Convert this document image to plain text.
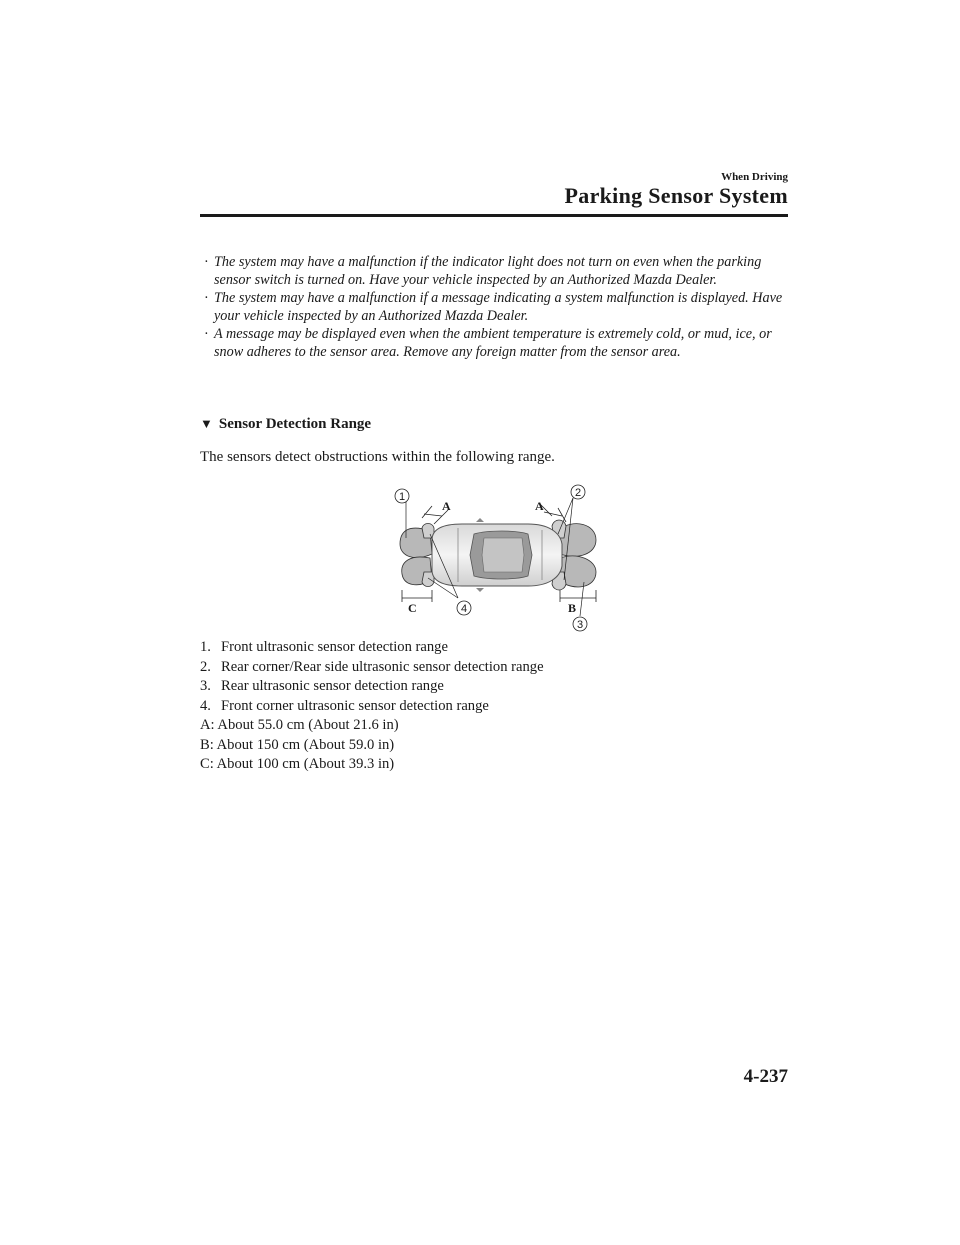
When Driving
Parking Sensor System
· The system may have a malfunction if the indicator light does not turn on even when the parking sensor switch is turned on. Have your vehicle inspected by an Authorized Mazda Dealer.
· The system may have a malfunction if a message indicating a system malfunction is displayed. Have your vehicle inspected by an Authorized Mazda Dealer.
· A message may be displayed even when the ambient temperature is extremely cold, or mud, ice, or snow adheres to the sensor area. Remove any foreign matter from the sensor area.
▼ Sensor Detection Range
The sensors detect obstructions within the following range.
A	A
C	B
1	2
3
4
1. Front ultrasonic sensor detection range
2. Rear corner/Rear side ultrasonic sensor detection range
3. Rear ultrasonic sensor detection range
4. Front corner ultrasonic sensor detection range
A: About 55.0 cm (About 21.6 in)
B: About 150 cm (About 59.0 in)
C: About 100 cm (About 39.3 in)
4-237
